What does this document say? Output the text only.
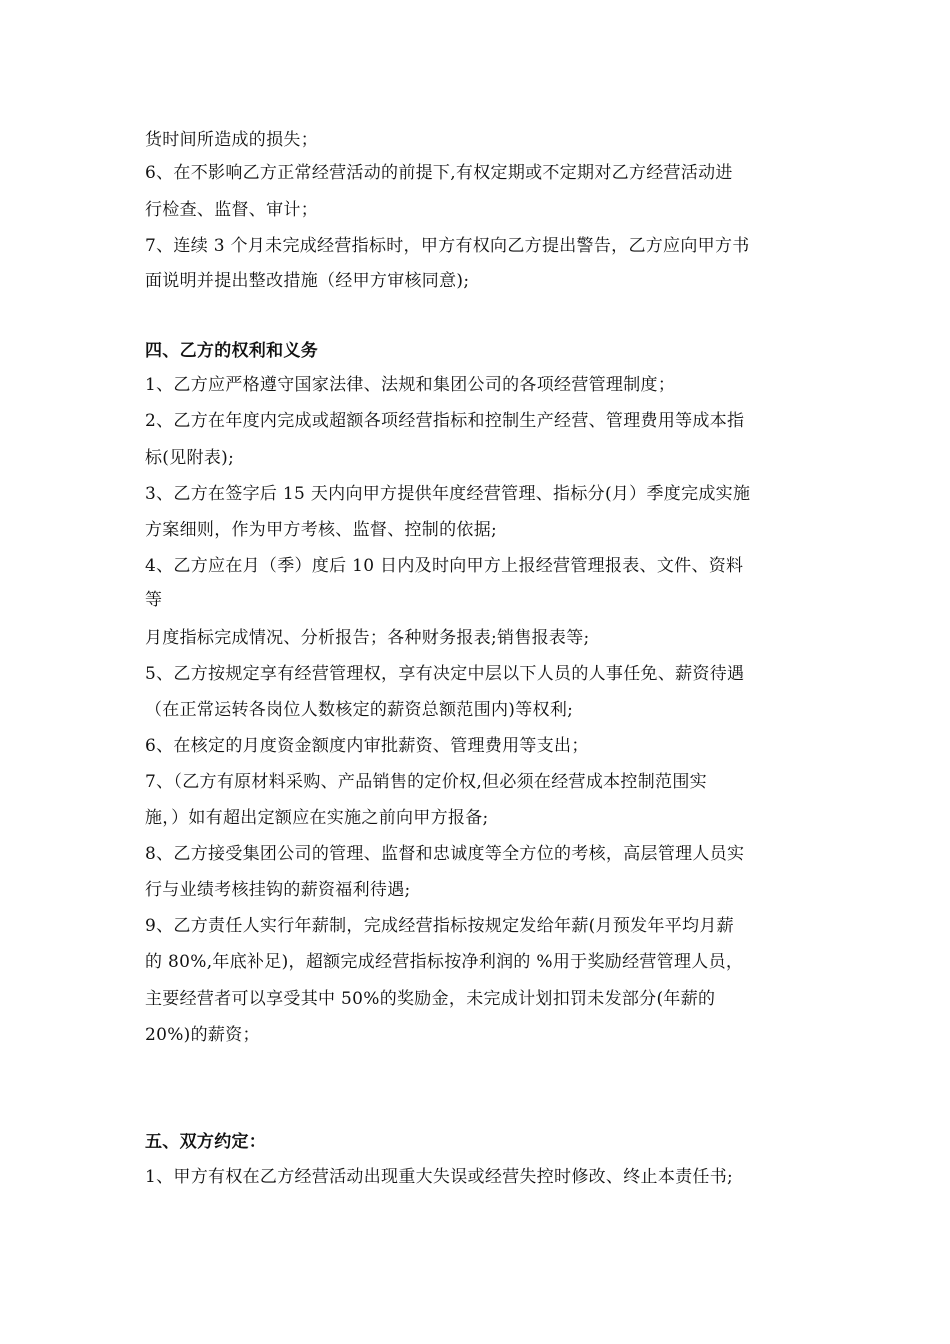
货时间所造成的损失；
6、在不影响乙方正常经营活动的前提下,有权定期或不定期对乙方经营活动进
行检查、监督、审计；
7、连续 3 个月未完成经营指标时，甲方有权向乙方提出警告，乙方应向甲方书
面说明并提出整改措施（经甲方审核同意);
四、乙方的权利和义务
1、乙方应严格遵守国家法律、法规和集团公司的各项经营管理制度；
2、乙方在年度内完成或超额各项经营指标和控制生产经营、管理费用等成本指
标(见附表);
3、乙方在签字后 15 天内向甲方提供年度经营管理、指标分(月）季度完成实施
方案细则，作为甲方考核、监督、控制的依据;
4、乙方应在月（季）度后 10 日内及时向甲方上报经营管理报表、文件、资料
等
月度指标完成情况、分析报告；各种财务报表;销售报表等;
5、乙方按规定享有经营管理权，享有决定中层以下人员的人事任免、薪资待遇
（在正常运转各岗位人数核定的薪资总额范围内)等权利;
6、在核定的月度资金额度内审批薪资、管理费用等支出；
7、（乙方有原材料采购、产品销售的定价权,但必须在经营成本控制范围实
施，）如有超出定额应在实施之前向甲方报备;
8、乙方接受集团公司的管理、监督和忠诚度等全方位的考核，高层管理人员实
行与业绩考核挂钩的薪资福利待遇;
9、乙方责任人实行年薪制，完成经营指标按规定发给年薪(月预发年平均月薪
的 80%,年底补足)，超额完成经营指标按净利润的 %用于奖励经营管理人员，
主要经营者可以享受其中 50%的奖励金，未完成计划扣罚未发部分(年薪的
20%)的薪资；
五、双方约定：
1、甲方有权在乙方经营活动出现重大失误或经营失控时修改、终止本责任书;
